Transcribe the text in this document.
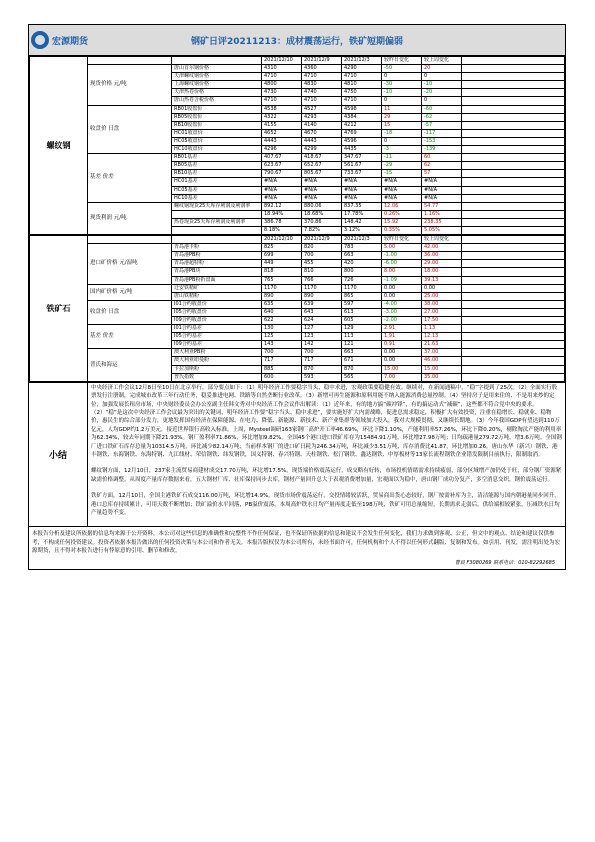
宏源期货	钢矿日评20211213：成材震荡运行，铁矿短期偏弱
螺纹钢			2021/12/10	2021/12/9	2021/12/3	较昨日变化	较上周变化	
	现货价格 元/吨	唐山首尔钢价格	4310	4360	4290	-50	20	
		天津螺纹钢价格	4710	4710	4710	0	0	
		上海螺纹钢价格	4800	4830	4810	-30	-10	
		天津热卷价格	4730	4740	4750	-10	-20	
		唐山热卷含税价格	4710	4710	4710	0	0	
	收盘价 日盘	RB01收盘价	4538	4527	4598	11	-60	
		RB05收盘价	4322	4293	4384	29	-62	
		RB10收盘价	4155	4140	4212	15	-57	
		HC01收盘价	4652	4670	4769	-18	-117	
		HC05收盘价	4443	4443	4596	0	-153	
		HC10收盘价	4296	4299	4435	-3	-139	
	基差 价差	RB01基差	407.67	418.67	347.67	-11	60	
		RB05基差	623.67	652.67	561.67	-29	62	
		RB10基差	790.67	805.67	733.67	-15	57	
		HC01基差	#N/A	#N/A	#N/A	#N/A	#N/A	
		HC05基差	#N/A	#N/A	#N/A	#N/A	#N/A	
		HC10基差	#N/A	#N/A	#N/A	#N/A	#N/A	
	现货利润 元/吨	螺纹钢现货25天库存利润及利润率	892.12	880.06	837.35	12.06	54.77	
			18.94%	18.68%	17.78%	0.26%	1.16%	
		热卷现货25天库存利润及利润率	386.78	370.86	148.42	15.92	238.35	
			8.18%	7.82%	3.12%	0.35%	5.05%	
铁矿石			2021/12/10	2021/12/9	2021/12/3	较昨日变化	较上周变化	
	进口矿价格 元/湿吨	青岛港卡粉	825	820	783	5.00	42.00	
		青岛港PB粉	699	700	663	-1.00	36.00	
		青岛港超特粉	449	455	420	-6.00	29.00	
		青岛港PB块	818	810	800	8.00	18.00	
		青岛港PB粉折盘面	765	766	726	-1.09	39.13	
	国内矿价格 元/吨	迁安铁精矿	1170	1170	1170	0.00	0.00	
		唐山铁精粉	890	890	865	0.00	25.00	
	收盘价 日盘	I01合约收盘价	635	639	597	-4.00	38.00	
		I05合约收盘价	640	643	613	-3.00	27.00	
		I09合约收盘价	622	624	605	-2.00	17.50	
	基差 价差	I01合约基差	130	127	129	2.91	1.13	
		I05合约基差	125	123	113	1.91	12.13	
		I09合约基差	143	142	121	0.91	21.63	
	普氏和海运	澳大利亚PB粉	700	700	663	0.00	37.00	
		澳大利亚纽曼粉	717	717	671	0.00	46.00	
		卡拉加斯粉	885	870	870	15.00	15.00	
		普氏指数	600	593	565	7.00	35.00	
小结

中央经济工作会议12月8日至10日在北京举行。部分要点如下：（1）明年经济工作要稳字当头、稳中求进，宏观政策要稳健有效。继续对，在新闻通稿中，“稳”字提到了25次。（2）全面实行股票发行注册制，完成城市改革三年行动任务，稳妥推进电网、铁路等自然垄断行业改革。（3）新增可再生能源和原料用能不纳入能源消费总量控制。（4）坚持房子是用来住的、不是用来炒的定位，加强发展长租房市场，中央财经委员会办公室副主任韩文秀对中央经济工作会议作出解读：（1）近年来，有的地方搞“碳冲锋”，有的搞运动式“减碳”，这些都不符合党中央的要求。（2）“稳”是这次中央经济工作会议最为突出的关键词，明年经济工作要“稳字当头、稳中求进”，要实施好扩大内需战略，促进总需求稳定，积极扩大有效投资，注重在稳增长、稳就业、稳物价，惠民生的综合部分发力，更地发挥国有经济在保障能源、在电力、降低、新能源、新技术、新产业集群等领域加大投入，我对大规模贯彻、又继续长期地。（3）今年我国GDP有望达到110万亿元，人均GDP约1.2万美元，接近世界银行高收入标准。上周，Mysteel调研163家钢厂高炉开工率46.69%，环比下降1.10%，产能利用率57.26%，环比下降0.20%，剔除淘汰产能的利用率为62.34%，较去年同期下降21.93%。钢厂盈利率71.86%，环比增加9.82%。全国45个港口进口铁矿库存为15484.91万吨，环比增27.98万吨；日均疏港量279.72万吨，增3.6万吨。全国钢厂进口铁矿石库存总量为10314.5万吨，环比减少82.14万吨；当前样本钢厂的进口矿日耗为246.34万吨，环比减少3.51万吨，库存消费比41.87，环比增加0.26。唐山东华（新兴）钢铁、港丰钢铁、东海钢铁、东海特钢、九江线材、荣信钢铁、纬发钢铁，国义特钢、春兴特钢、天柱钢铁、松汀钢铁、鑫达钢铁、中厚板材等13家长流程钢铁企业错发限制目前执行，限制取消。

螺纹钢方面，12月10日，237家主流贸易商建材成交17.70万吨，环比增17.5%。现货端价格震荡运行，成交略有好转，市场投机情绪需求持续疲弱，部分区域增产加仍处于旺，部分钢厂资源紧缺需价格调整。从周度产量库存数据来看，五大钢材厂库、社库保持同步去库，钢材产量回升总大于表观消费增加量，宏观面以为稳中，唐山钢厂成功分复产，多空消息交织，钢价震荡运行。

铁矿方面，12月10日，全国主港铁矿石成交116.00万吨，环比增14.9%。现货市场价震荡运行，交投情绪较活跃，贸易商出货心态较好，钢厂按需补库为主，清洁能源与国内朝港量同步回升，港口总库存持续累计，可用天数不断增加；铁矿溢价水平回落，PB溢价震荡，本周高炉铁水日均产量再度走低至198万吨，铁矿可用总量缩短，长期需求走弱后，供给端相较紧张，压减铁水日均产量趋势不变。

本报告分析及建议所依据的信息均来源于公开资料，本公司对这些信息的准确性和完整性不作任何保证，也不保证所依据的信息和建议不会发生任何变化，我们力求做到客观、公正，但文中的观点、结论和建议仅供参考，不构成任何投资建议。投资者依据本报告做出的任何投资决策与本公司和作者无关。本报告版权仅为本公司所有，未经书面许可，任何机构和个人不得以任何形式翻版、复制和发布。如引用、刊发，需注明出处为宏源期货，且不得对本报告进行有悖原意的引用、删节和修改。
曹晨 F3080269 联系电话：010-82292685
